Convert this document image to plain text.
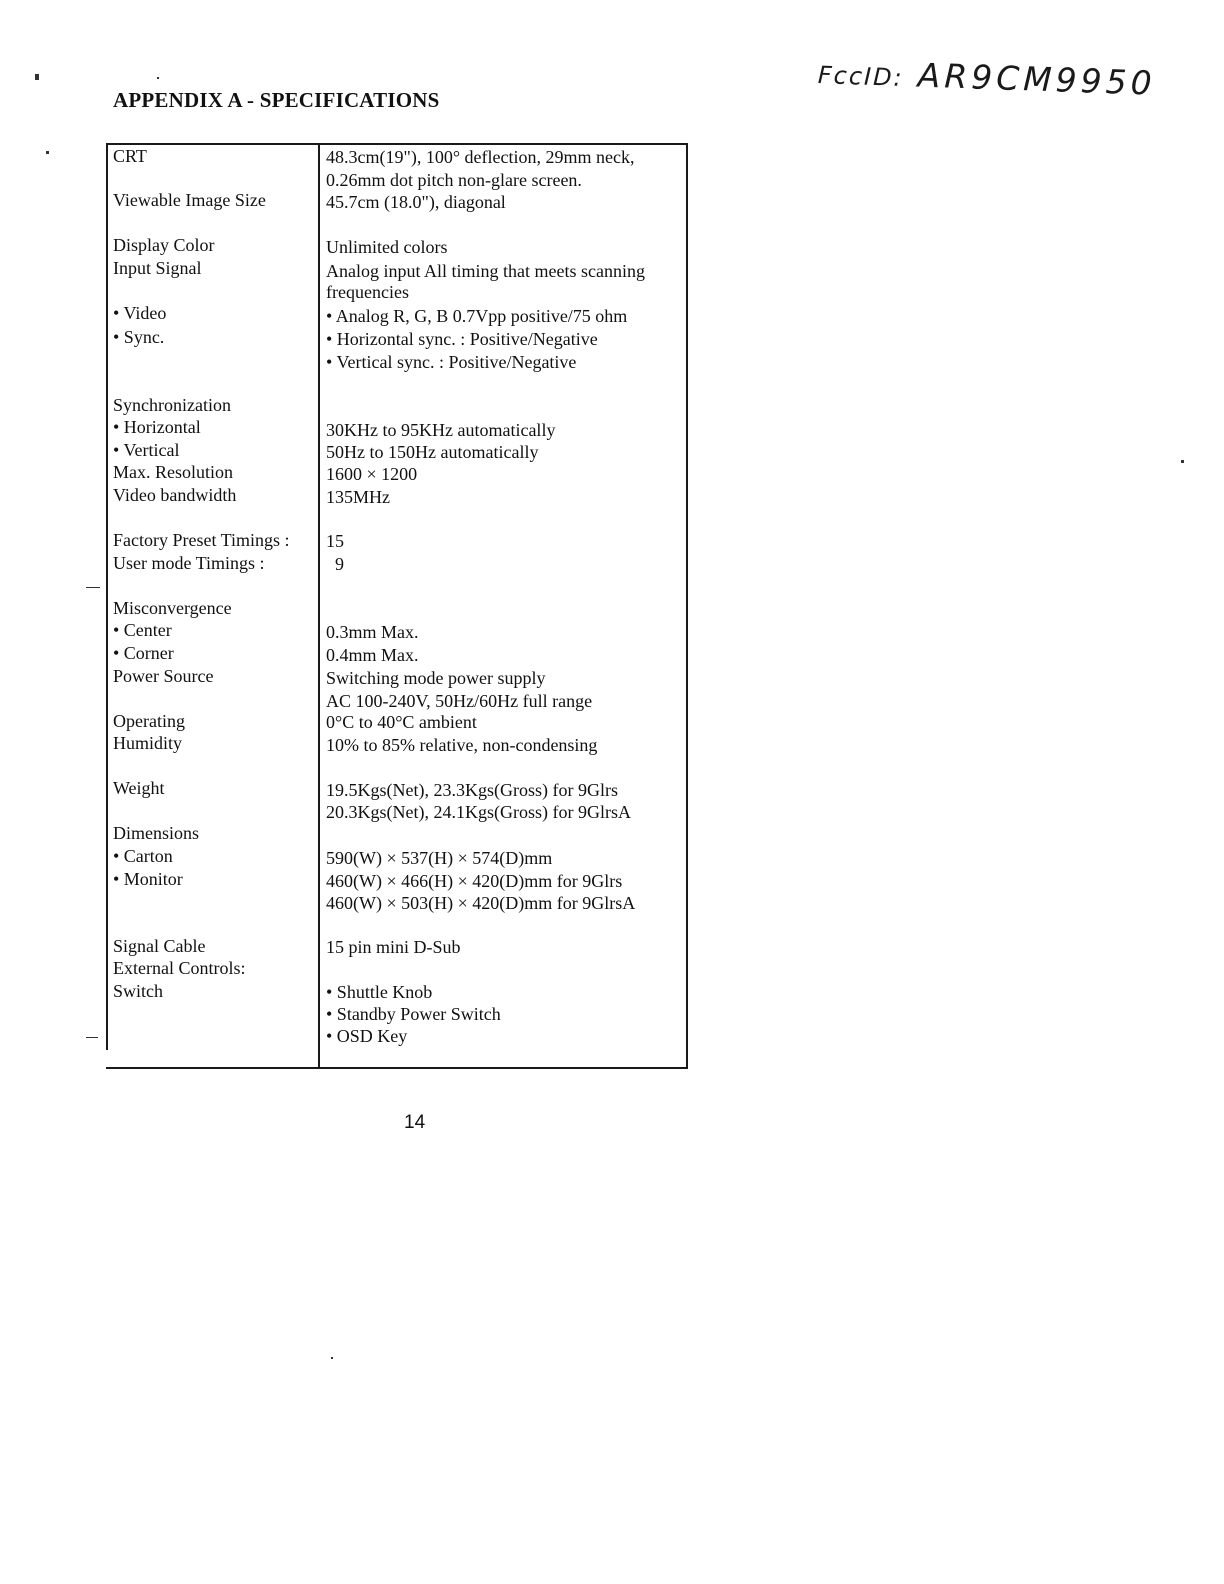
APPENDIX A - SPECIFICATIONS
FccID: AR9CM9950
CRT
Viewable Image Size
Display Color
Input Signal
• Video
• Sync.
Synchronization
• Horizontal
• Vertical
Max. Resolution
Video bandwidth
Factory Preset Timings :
User mode Timings :
Misconvergence
• Center
• Corner
Power Source
Operating
Humidity
Weight
Dimensions
• Carton
• Monitor
Signal Cable
External Controls:
Switch
48.3cm(19"), 100° deflection, 29mm neck,
0.26mm dot pitch non-glare screen.
45.7cm (18.0"), diagonal
Unlimited colors
Analog input All timing that meets scanning
frequencies
• Analog R, G, B 0.7Vpp positive/75 ohm
• Horizontal sync. : Positive/Negative
• Vertical sync. : Positive/Negative
30KHz to 95KHz automatically
50Hz to 150Hz automatically
1600 × 1200
135MHz
15
9
0.3mm Max.
0.4mm Max.
Switching mode power supply
AC 100-240V, 50Hz/60Hz full range
0°C to 40°C ambient
10% to 85% relative, non-condensing
19.5Kgs(Net), 23.3Kgs(Gross) for 9Glrs
20.3Kgs(Net), 24.1Kgs(Gross) for 9GlrsA
590(W) × 537(H) × 574(D)mm
460(W) × 466(H) × 420(D)mm for 9Glrs
460(W) × 503(H) × 420(D)mm for 9GlrsA
15 pin mini D-Sub
• Shuttle Knob
• Standby Power Switch
• OSD Key
14
